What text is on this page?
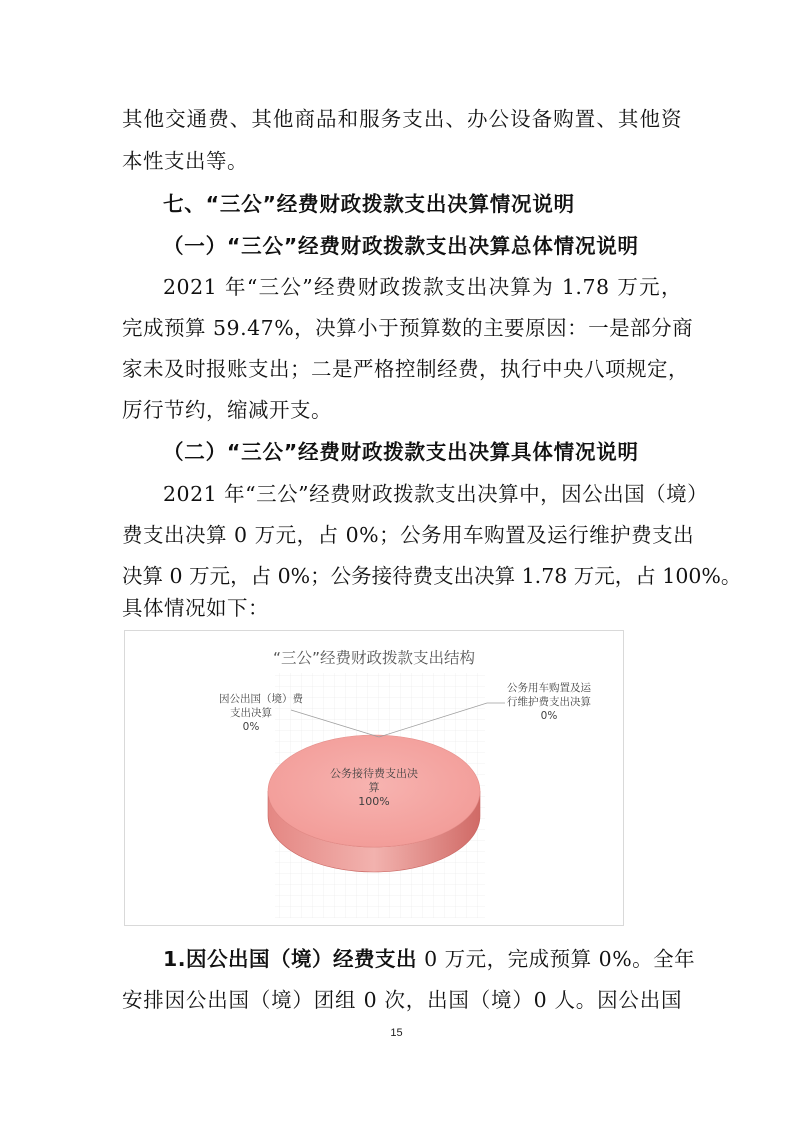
其他交通费、其他商品和服务支出、办公设备购置、其他资
本性支出等。
七、“三公”经费财政拨款支出决算情况说明
（一）“三公”经费财政拨款支出决算总体情况说明
2021 年“三公”经费财政拨款支出决算为 1.78 万元，
完成预算 59.47%，决算小于预算数的主要原因：一是部分商
家未及时报账支出；二是严格控制经费，执行中央八项规定，
厉行节约，缩减开支。
（二）“三公”经费财政拨款支出决算具体情况说明
2021 年“三公”经费财政拨款支出决算中，因公出国（境）
费支出决算 0 万元，占 0%；公务用车购置及运行维护费支出
决算 0 万元，占 0%；公务接待费支出决算 1.78 万元，占 100%。
具体情况如下：
“三公”经费财政拨款支出结构
因公出国（境）费
支出决算
0%
公务用车购置及运
行维护费支出决算
0%
公务接待费支出决
算
100%
1.因公出国（境）经费支出 0 万元，完成预算 0%。全年
安排因公出国（境）团组 0 次，出国（境）0 人。因公出国
15
